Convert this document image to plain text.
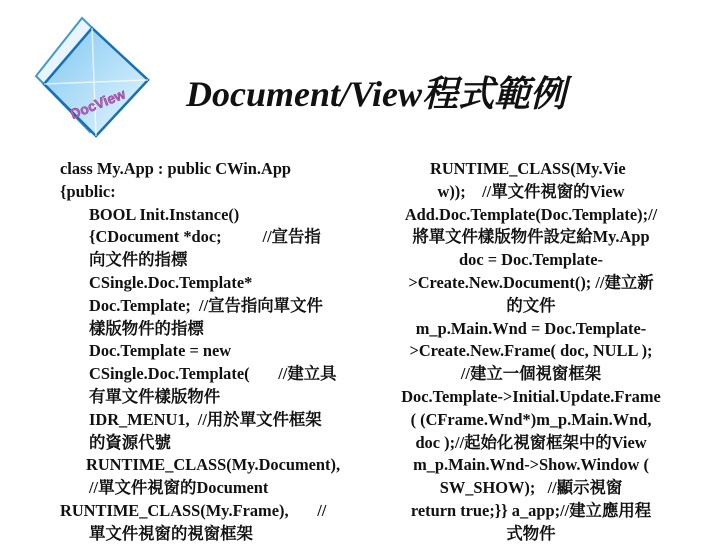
DocView Document/View程式範例
class My.App : public CWin.App
{public:
BOOL Init.Instance()
{CDocument *doc;          //宣告指
向文件的指標
CSingle.Doc.Template*
Doc.Template;  //宣告指向單文件
樣版物件的指標
Doc.Template = new
CSingle.Doc.Template(       //建立具
有單文件樣版物件
IDR_MENU1,  //用於單文件框架
的資源代號
RUNTIME_CLASS(My.Document),
//單文件視窗的Document
RUNTIME_CLASS(My.Frame),       //
單文件視窗的視窗框架
RUNTIME_CLASS(My.Vie
w));    //單文件視窗的View
Add.Doc.Template(Doc.Template);//
將單文件樣版物件設定給My.App
doc = Doc.Template-
>Create.New.Document(); //建立新
的文件
m_p.Main.Wnd = Doc.Template-
>Create.New.Frame( doc, NULL );
//建立一個視窗框架
Doc.Template->Initial.Update.Frame
( (CFrame.Wnd*)m_p.Main.Wnd,
doc );//起始化視窗框架中的View
m_p.Main.Wnd->Show.Window (
SW_SHOW);   //顯示視窗
return true;}} a_app;//建立應用程
式物件
